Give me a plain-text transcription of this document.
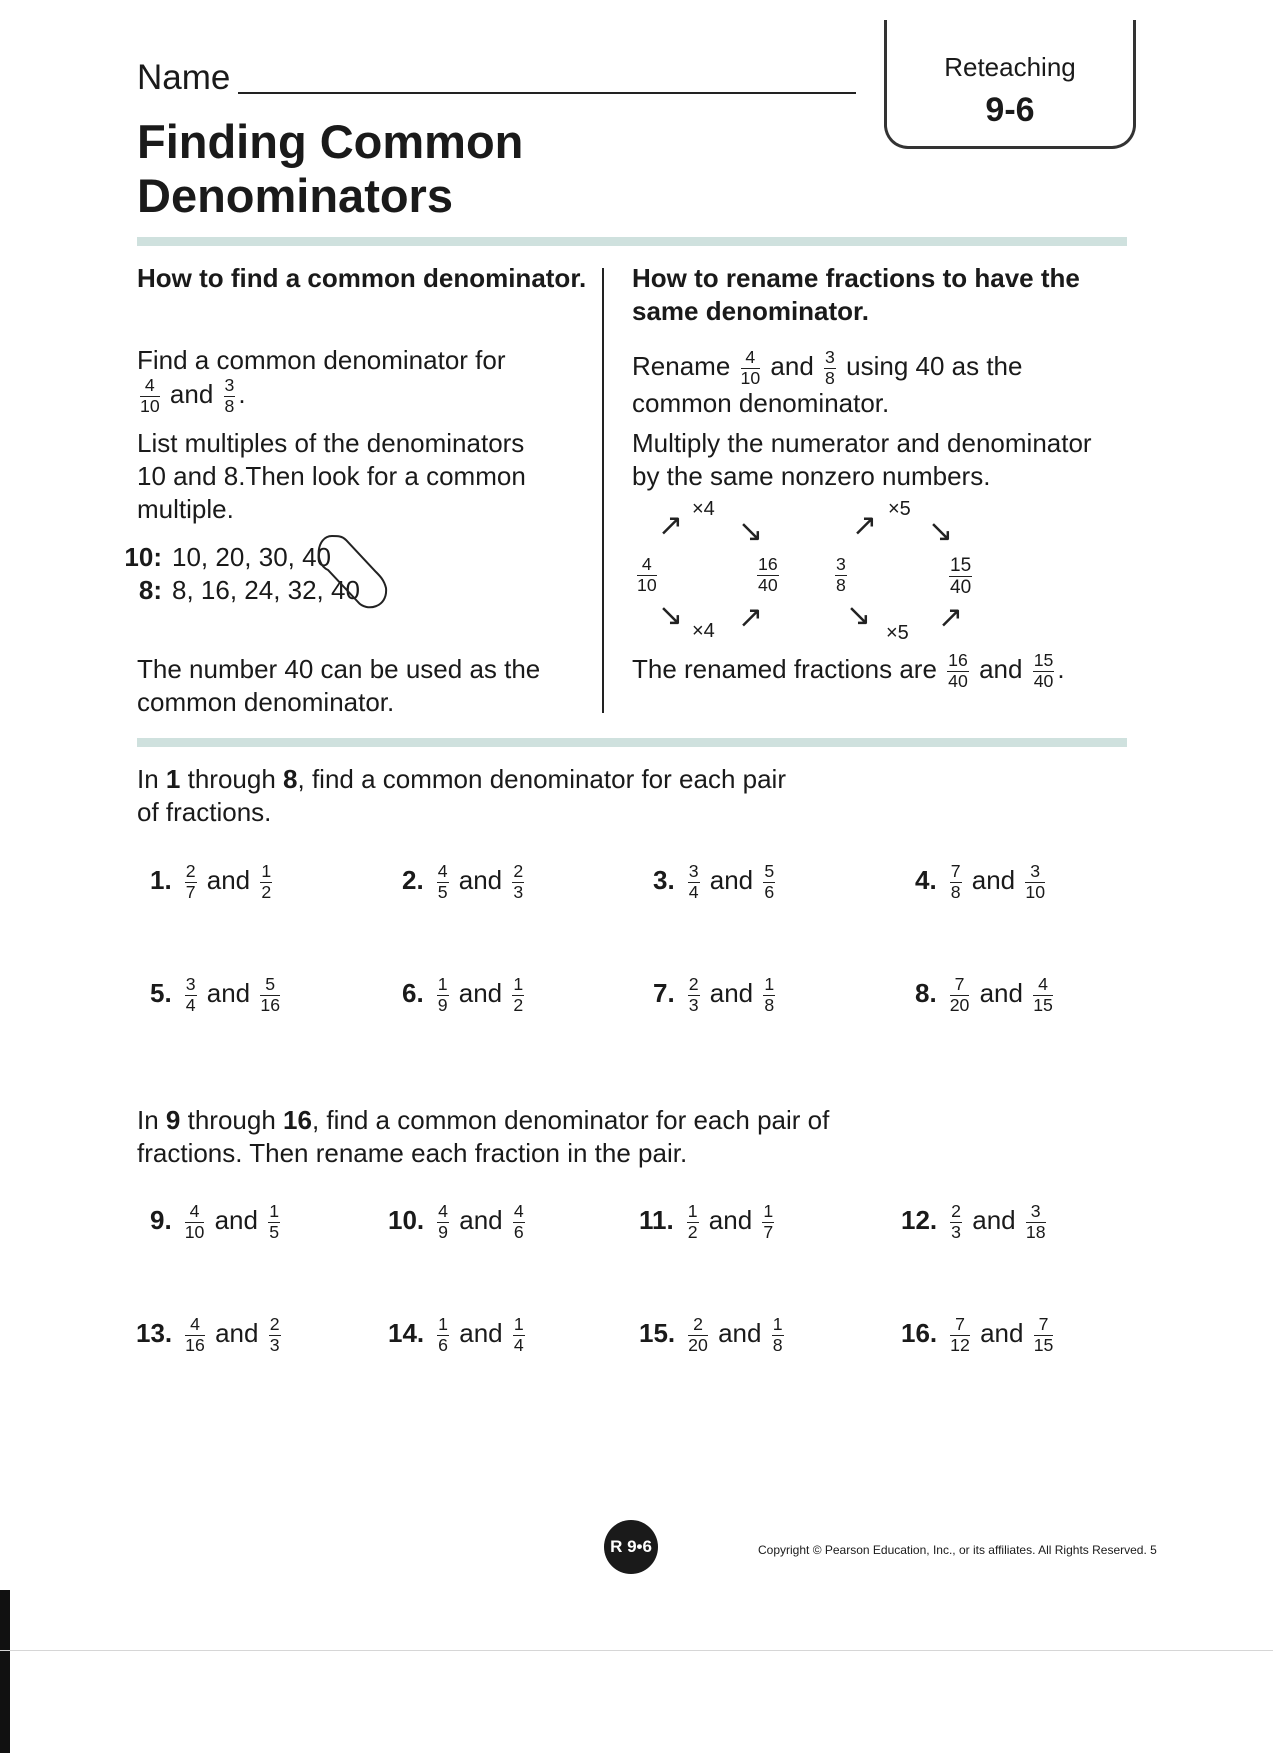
Name
Finding Common
Denominators
Reteaching
9-6
How to find a common denominator.
Find a common denominator for
$\frac{4}{10}$ and $\frac{3}{8}$ .
List multiples of the denominators
10 and 8.Then look for a common
multiple.
10: 10, 20, 30, 40
8: 8, 16, 24, 32, 40
The number 40 can be used as the
common denominator.
How to rename fractions to have the
same denominator.
Rename $\frac{4}{10}$ and $\frac{3}{8}$ using 40 as the
common denominator.
Multiply the numerator and denominator
by the same nonzero numbers.
×4
↗ ↘
4
10
16
40
↘ ×4 ↗
×5
↗ ↘
3
8
15
40
↘
×5 ↗
The renamed fractions are $\frac{16}{40}$ and $\frac{15}{40}$ .
In 1 through 8, find a common denominator for each pair
of fractions.
In 9 through 16, find a common denominator for each pair of
fractions. Then rename each fraction in the pair.
1. $\frac{2}{7}$ and $\frac{1}{2}$	2. $\frac{4}{5}$ and $\frac{2}{3}$	3. $\frac{3}{4}$ and $\frac{5}{6}$	4. $\frac{7}{8}$ and $\frac{3}{10}$
5. $\frac{3}{4}$ and $\frac{5}{16}$	6. $\frac{1}{9}$ and $\frac{1}{2}$	7. $\frac{2}{3}$ and $\frac{1}{8}$	8. $\frac{7}{20}$ and $\frac{4}{15}$
9. $\frac{4}{10}$ and $\frac{1}{5}$	10. $\frac{4}{9}$ and $\frac{4}{6}$	11. $\frac{1}{2}$ and $\frac{1}{7}$	12. $\frac{2}{3}$ and $\frac{3}{18}$
13. $\frac{4}{16}$ and $\frac{2}{3}$	14. $\frac{1}{6}$ and $\frac{1}{4}$	15. $\frac{2}{20}$ and $\frac{1}{8}$	16. $\frac{7}{12}$ and $\frac{7}{15}$
R 9•6	Copyright © Pearson Education, Inc., or its affiliates. All Rights Reserved. 5
